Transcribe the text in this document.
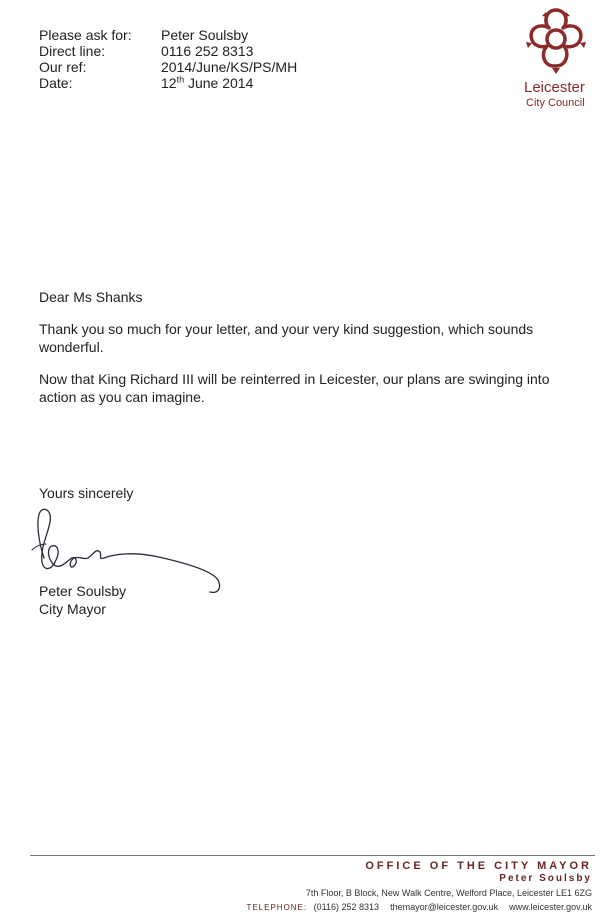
Please ask for:	Peter Soulsby
Direct line:	0116 252 8313
Our ref:	2014/June/KS/PS/MH
Date:	12th June 2014	Leicester
City Council
Dear Ms Shanks
Thank you so much for your letter, and your very kind suggestion, which sounds wonderful.
Now that King Richard III will be reinterred in Leicester, our plans are swinging into action as you can imagine.
Yours sincerely
Peter Soulsby
City Mayor
OFFICE OF THE CITY MAYOR
Peter Soulsby
7th Floor, B Block, New Walk Centre, Welford Place, Leicester LE1 6ZG
TELEPHONE: (0116) 252 8313 themayor@leicester.gov.uk www.leicester.gov.uk
